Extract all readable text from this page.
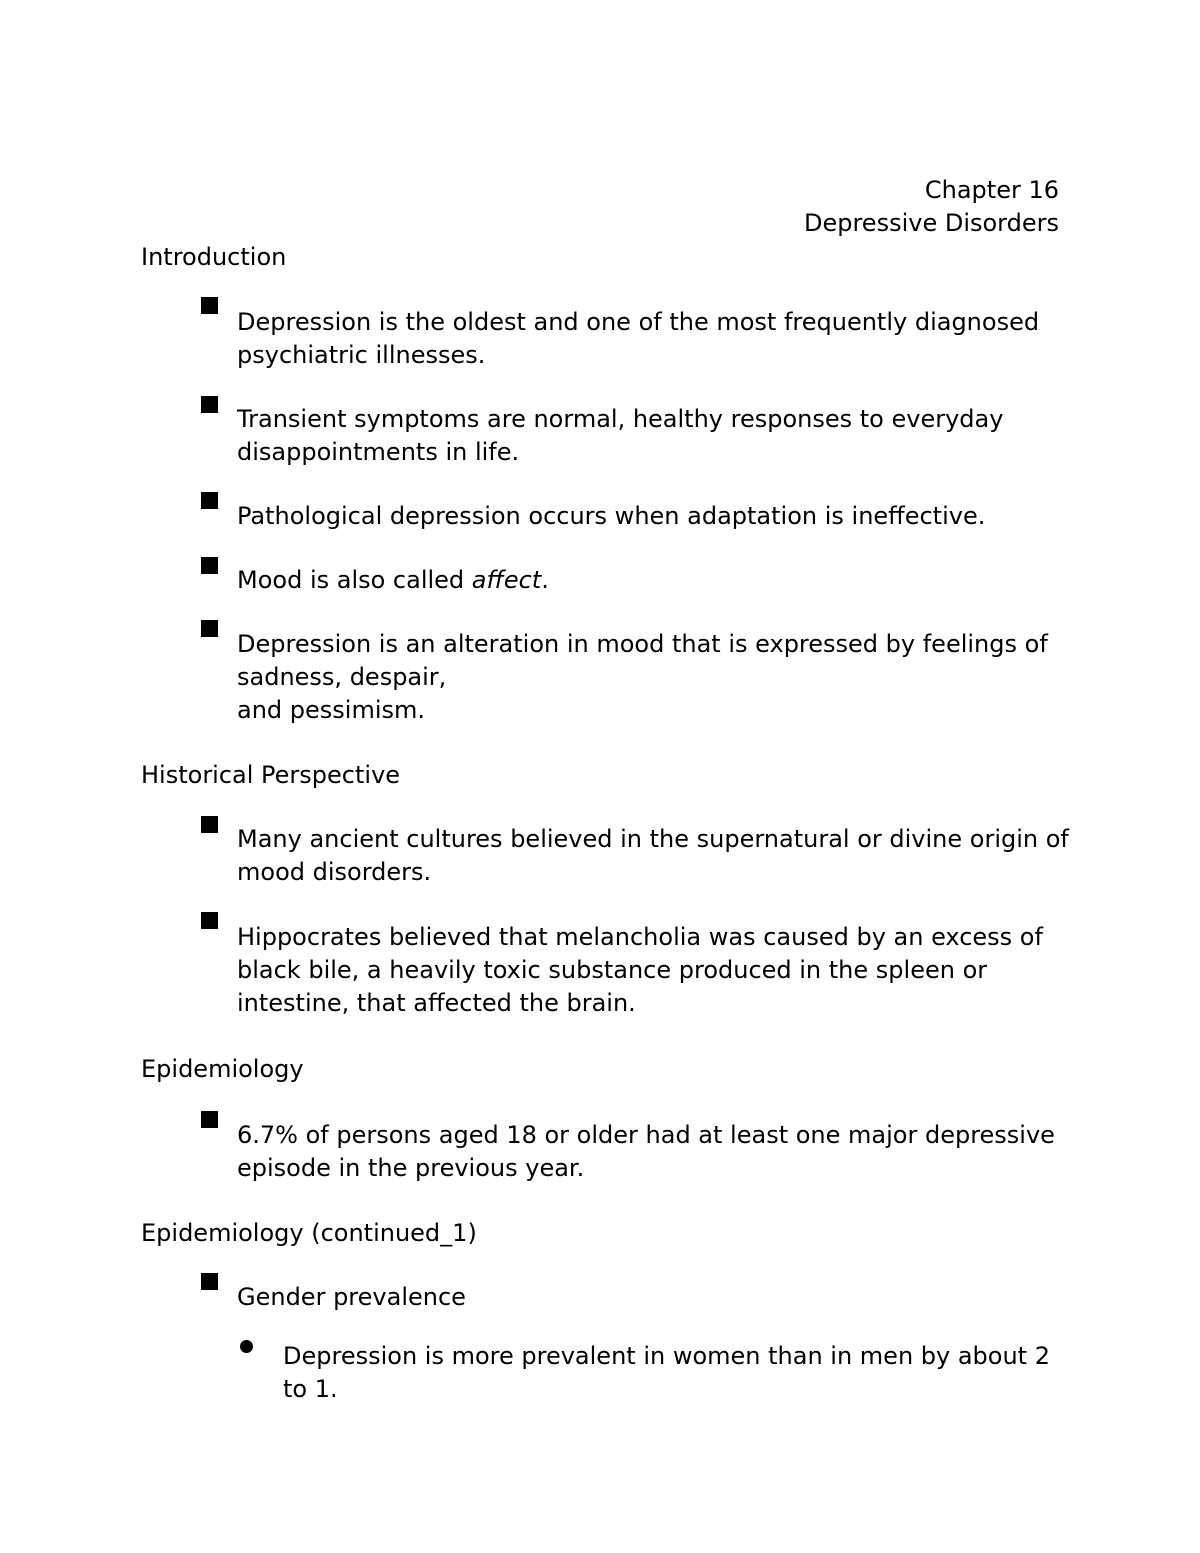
Chapter 16
Depressive Disorders
Introduction
Depression is the oldest and one of the most frequently diagnosed
psychiatric illnesses.
Transient symptoms are normal, healthy responses to everyday
disappointments in life.
Pathological depression occurs when adaptation is ineffective.
Mood is also called affect.
Depression is an alteration in mood that is expressed by feelings of
sadness, despair,
and pessimism.
Historical Perspective
Many ancient cultures believed in the supernatural or divine origin of
mood disorders.
Hippocrates believed that melancholia was caused by an excess of
black bile, a heavily toxic substance produced in the spleen or
intestine, that affected the brain.
Epidemiology
6.7% of persons aged 18 or older had at least one major depressive
episode in the previous year.
Epidemiology (continued_1)
Gender prevalence
Depression is more prevalent in women than in men by about 2
to 1.
